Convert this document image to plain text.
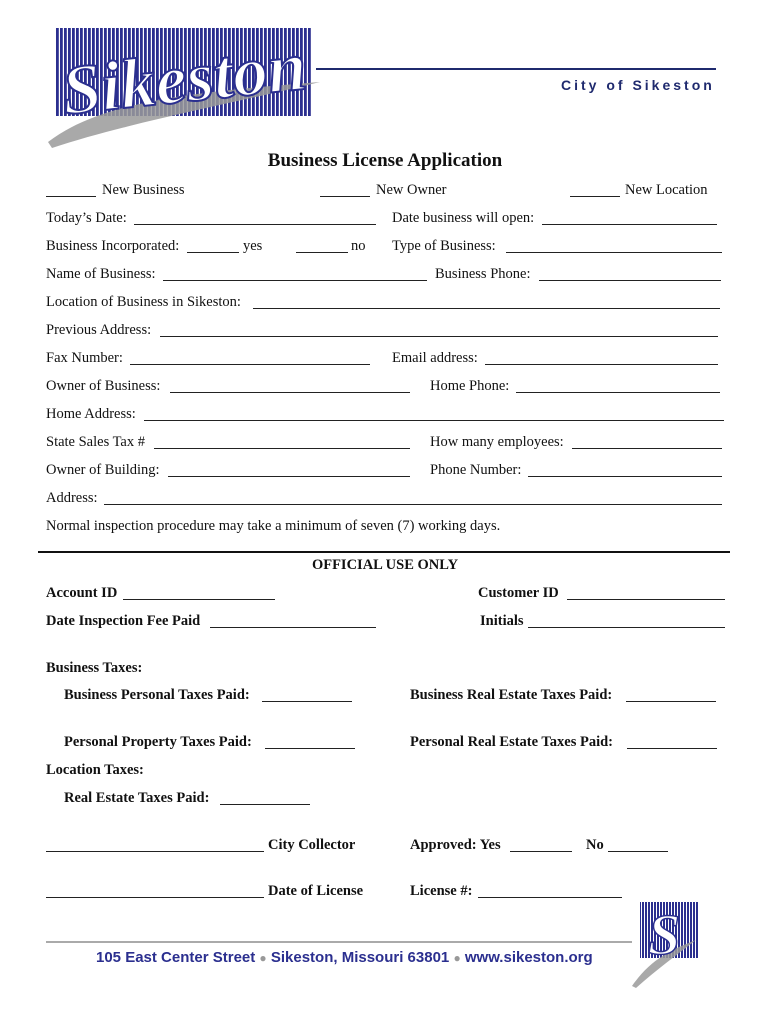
Sikeston	City of Sikeston
Business License Application
New Business	New Owner	New Location
Today’s Date:	Date business will open:
Business Incorporated:	yes	no Type of Business:
Name of Business:	Business Phone:
Location of Business in Sikeston:
Previous Address:
Fax Number:	Email address:
Owner of Business:	Home Phone:
Home Address:
State Sales Tax #	How many employees:
Owner of Building:	Phone Number:
Address:
Normal inspection procedure may take a minimum of seven (7) working days.
OFFICIAL USE ONLY
Account ID	Customer ID
Date Inspection Fee Paid	Initials
Business Taxes:
Business Personal Taxes Paid:	Business Real Estate Taxes Paid:
Personal Property Taxes Paid:	Personal Real Estate Taxes Paid:
Location Taxes:
Real Estate Taxes Paid:
City Collector	Approved: Yes	No
Date of License	License #:
105 East Center Street ● Sikeston, Missouri 63801 ● www.sikeston.org S
